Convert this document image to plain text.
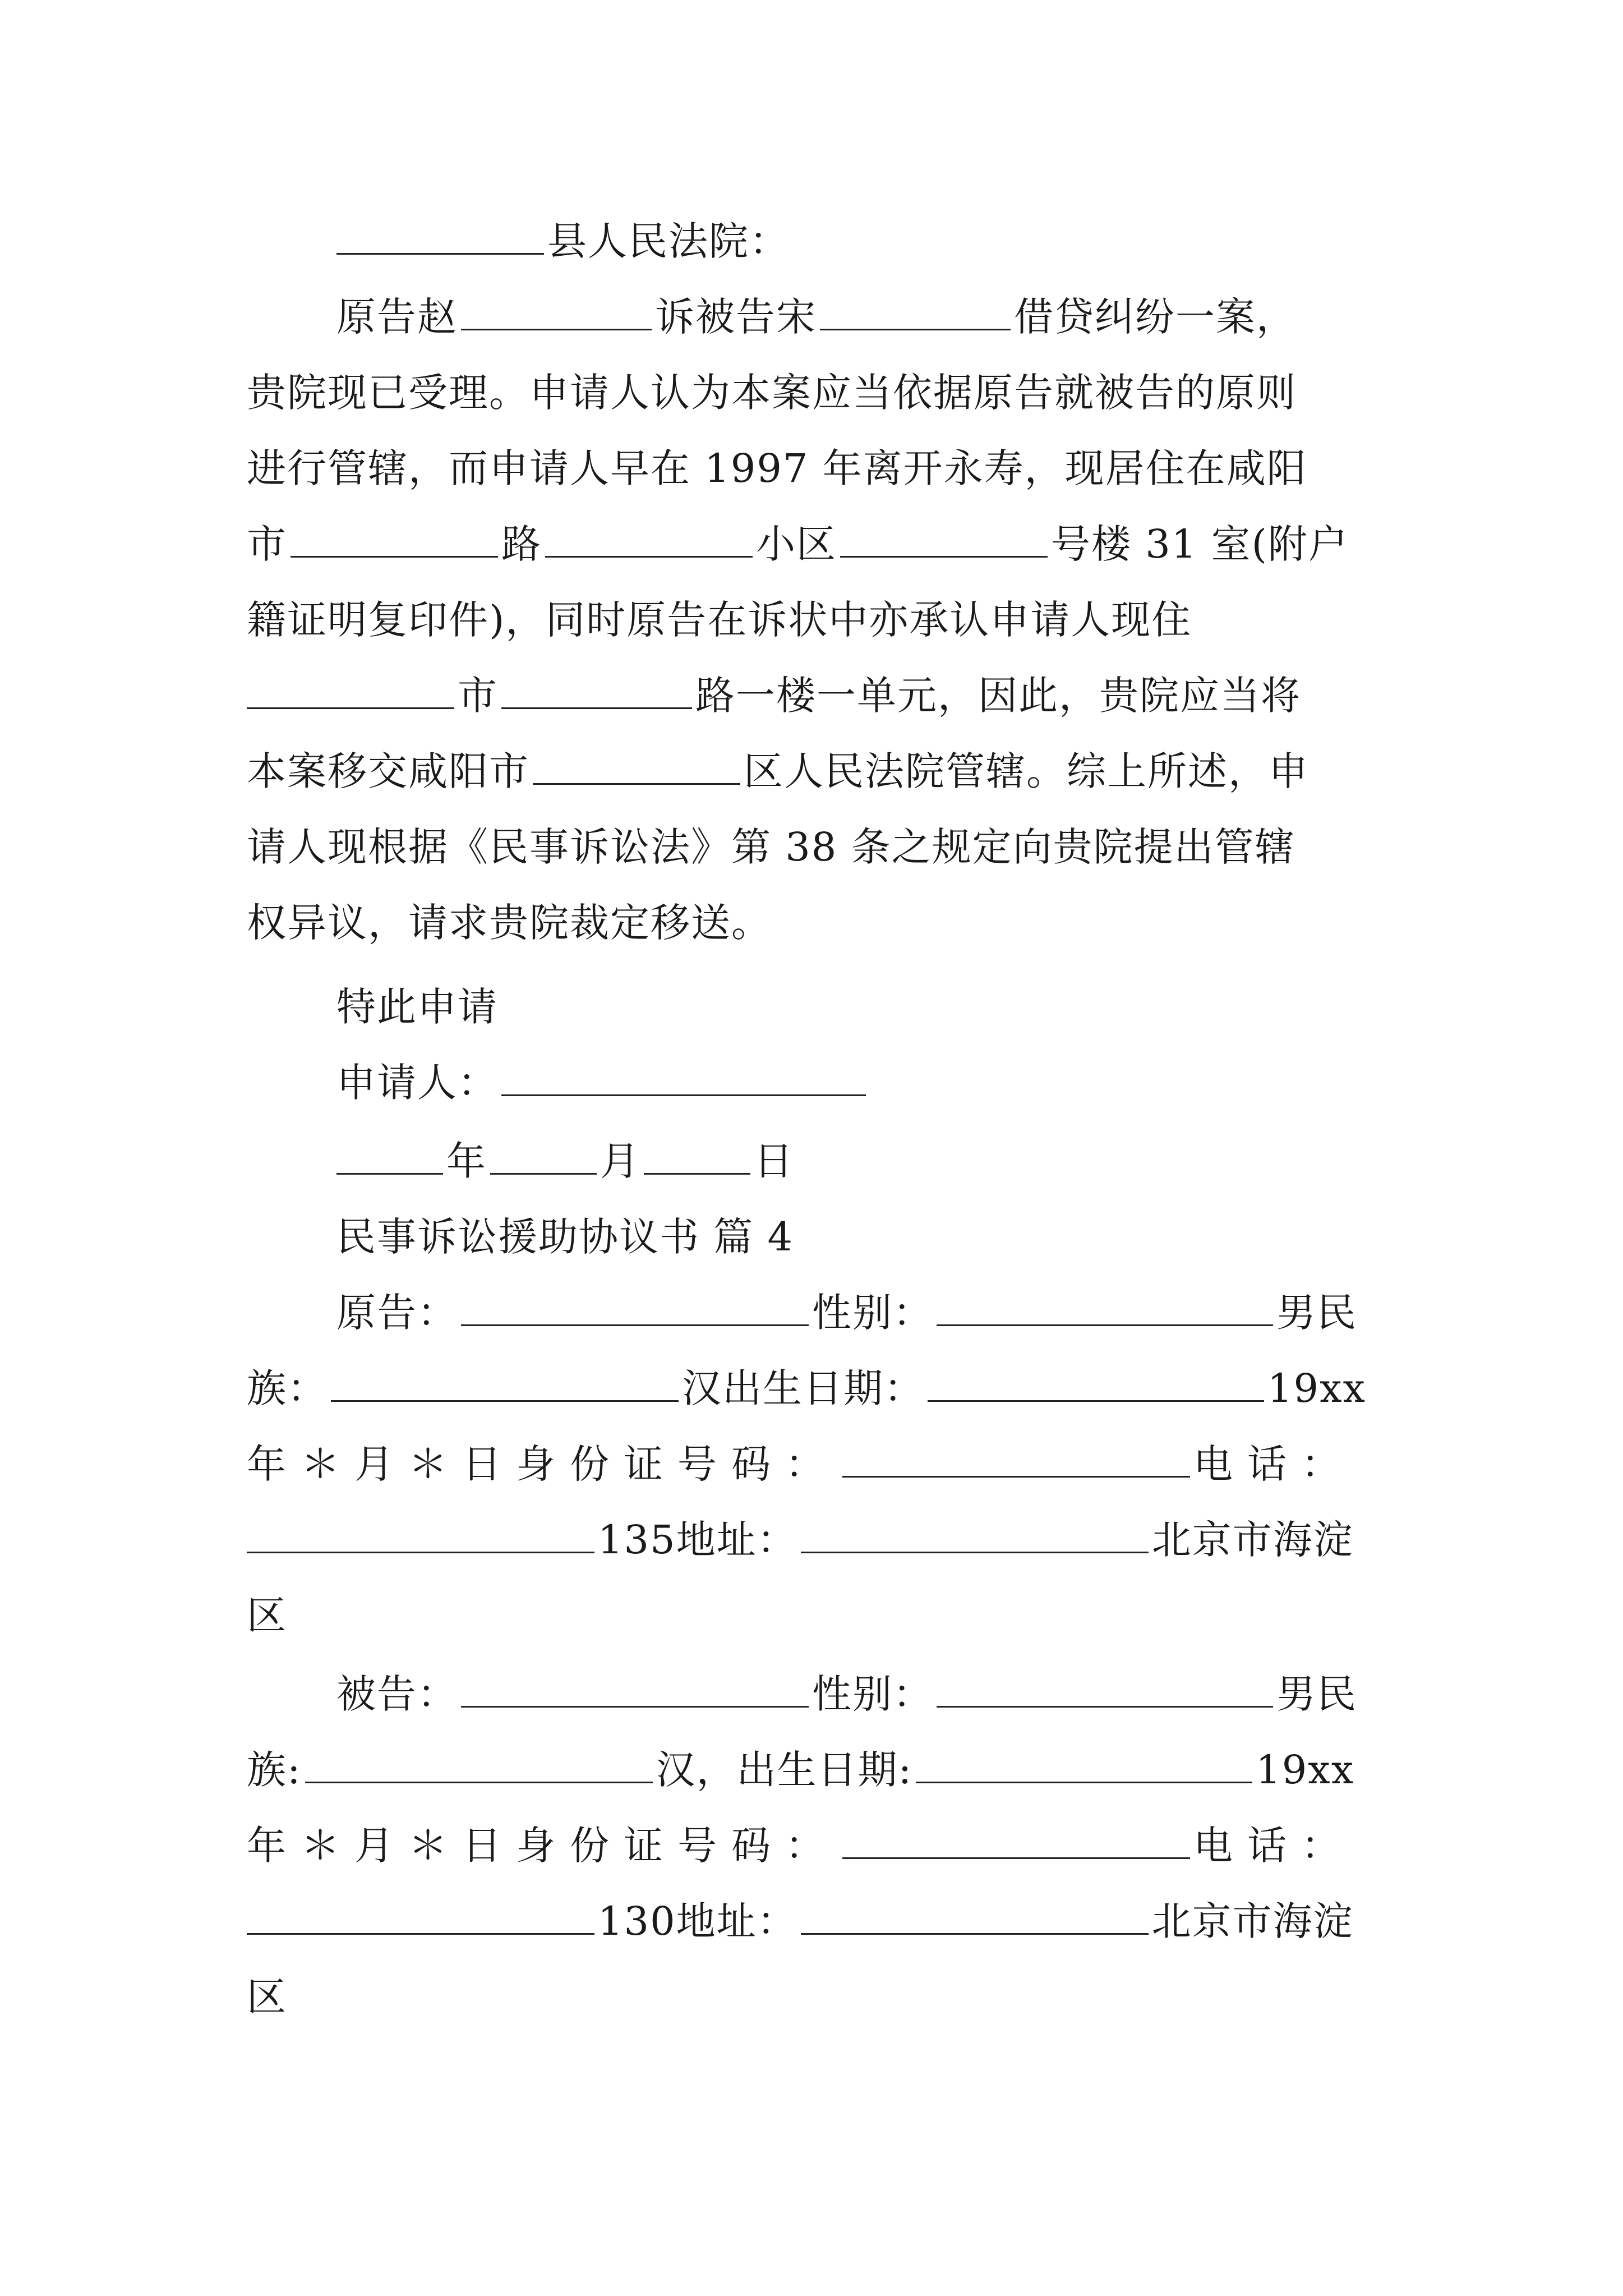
县人民法院：
原告赵	诉被告宋	借贷纠纷一案，
贵院现已受理。申请人认为本案应当依据原告就被告的原则
进行管辖，而申请人早在 1997 年离开永寿，现居住在咸阳
市	路	小区	号楼 31 室(附户
籍证明复印件)，同时原告在诉状中亦承认申请人现住
市	路一楼一单元，因此，贵院应当将
本案移交咸阳市	区人民法院管辖。综上所述，申
请人现根据《民事诉讼法》第 38 条之规定向贵院提出管辖
权异议，请求贵院裁定移送。
特此申请
申请人：
年	月	日
民事诉讼援助协议书 篇 4
原告：	性别：	男民
族：	汉出生日期：	19xx
年＊月＊日身份证号码：	电话：
135地址：	北京市海淀
区
被告：	性别：	男民
族:	汉，出生日期:	19xx
年＊月＊日身份证号码：	电话：
130地址：	北京市海淀
区
